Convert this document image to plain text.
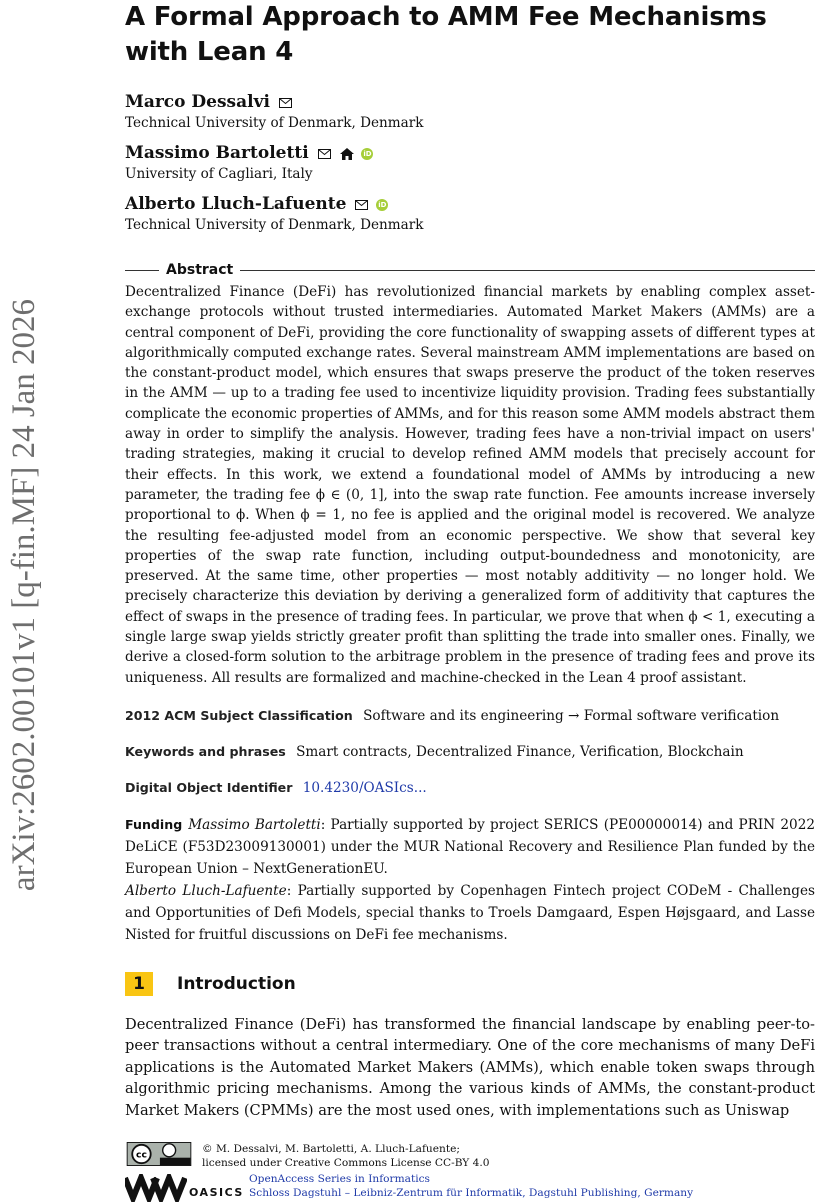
arXiv:2602.00101v1 [q-fin.MF] 24 Jan 2026
A Formal Approach to AMM Fee Mechanisms with Lean 4
Marco Dessalvi
Technical University of Denmark, Denmark
Massimo Bartoletti	iD
University of Cagliari, Italy
Alberto Lluch-Lafuente	iD
Technical University of Denmark, Denmark
Abstract
Decentralized Finance (DeFi) has revolutionized financial markets by enabling complex asset-exchange protocols without trusted intermediaries. Automated Market Makers (AMMs) are a central component of DeFi, providing the core functionality of swapping assets of different types at algorithmically computed exchange rates. Several mainstream AMM implementations are based on the constant-product model, which ensures that swaps preserve the product of the token reserves in the AMM — up to a trading fee used to incentivize liquidity provision. Trading fees substantially complicate the economic properties of AMMs, and for this reason some AMM models abstract them away in order to simplify the analysis. However, trading fees have a non-trivial impact on users' trading strategies, making it crucial to develop refined AMM models that precisely account for their effects. In this work, we extend a foundational model of AMMs by introducing a new parameter, the trading fee ϕ ∈ (0, 1], into the swap rate function. Fee amounts increase inversely proportional to ϕ. When ϕ = 1, no fee is applied and the original model is recovered. We analyze the resulting fee-adjusted model from an economic perspective. We show that several key properties of the swap rate function, including output-boundedness and monotonicity, are preserved. At the same time, other properties — most notably additivity — no longer hold. We precisely characterize this deviation by deriving a generalized form of additivity that captures the effect of swaps in the presence of trading fees. In particular, we prove that when ϕ < 1, executing a single large swap yields strictly greater profit than splitting the trade into smaller ones. Finally, we derive a closed-form solution to the arbitrage problem in the presence of trading fees and prove its uniqueness. All results are formalized and machine-checked in the Lean 4 proof assistant.
2012 ACM Subject Classification Software and its engineering → Formal software verification
Keywords and phrases Smart contracts, Decentralized Finance, Verification, Blockchain
Digital Object Identifier 10.4230/OASIcs...
Funding Massimo Bartoletti: Partially supported by project SERICS (PE00000014) and PRIN 2022 DeLiCE (F53D23009130001) under the MUR National Recovery and Resilience Plan funded by the European Union – NextGenerationEU.
Alberto Lluch-Lafuente: Partially supported by Copenhagen Fintech project CODeM - Challenges and Opportunities of Defi Models, special thanks to Troels Damgaard, Espen Højsgaard, and Lasse Nisted for fruitful discussions on DeFi fee mechanisms.
1	Introduction
Decentralized Finance (DeFi) has transformed the financial landscape by enabling peer-to-peer transactions without a central intermediary. One of the core mechanisms of many DeFi applications is the Automated Market Makers (AMMs), which enable token swaps through algorithmic pricing mechanisms. Among the various kinds of AMMs, the constant-product Market Makers (CPMMs) are the most used ones, with implementations such as Uniswap
cc
© M. Dessalvi, M. Bartoletti, A. Lluch-Lafuente;
licensed under Creative Commons License CC-BY 4.0
OASICS
OpenAccess Series in Informatics
Schloss Dagstuhl – Leibniz-Zentrum für Informatik, Dagstuhl Publishing, Germany
